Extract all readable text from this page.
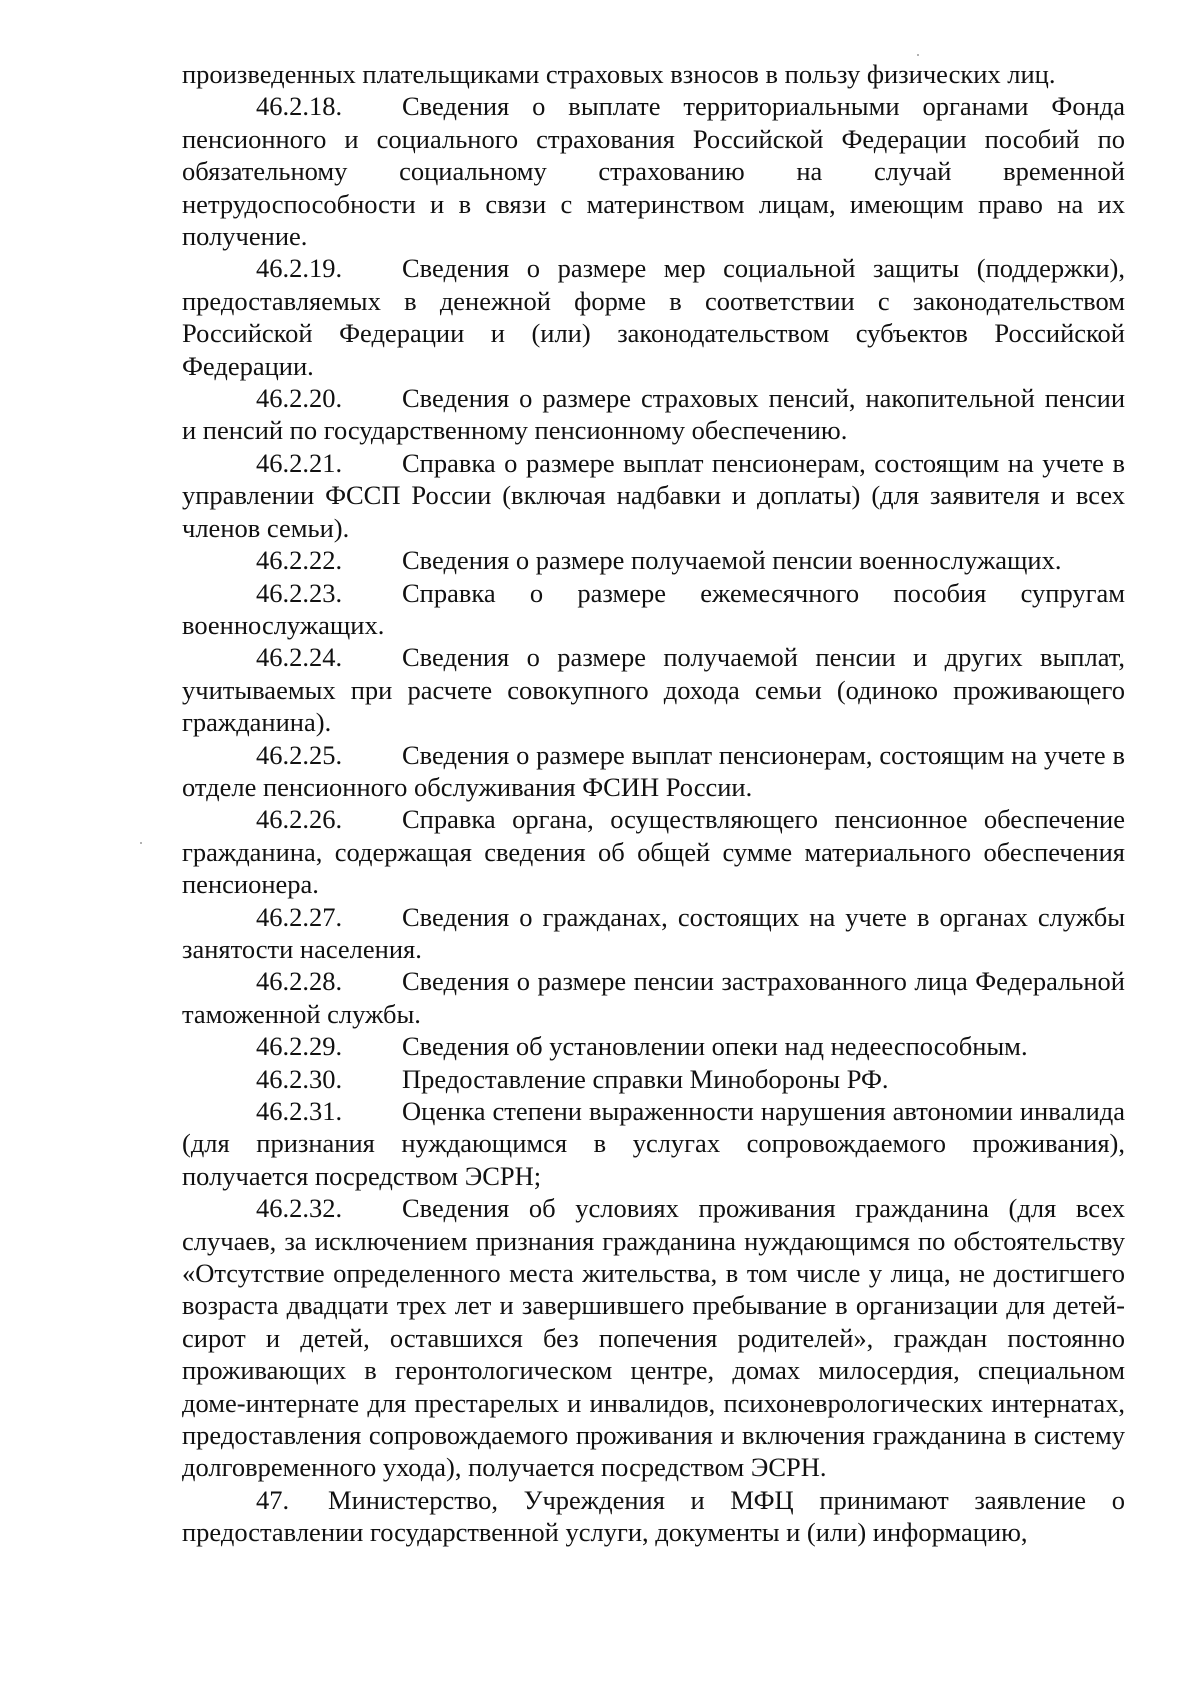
произведенных плательщиками страховых взносов в пользу физических лиц.

46.2.18. Сведения о выплате территориальными органами Фонда пенсионного и социального страхования Российской Федерации пособий по обязательному социальному страхованию на случай временной нетрудоспособности и в связи с материнством лицам, имеющим право на их получение.

46.2.19. Сведения о размере мер социальной защиты (поддержки), предоставляемых в денежной форме в соответствии с законодательством Российской Федерации и (или) законодательством субъектов Российской Федерации.

46.2.20. Сведения о размере страховых пенсий, накопительной пенсии и пенсий по государственному пенсионному обеспечению.

46.2.21. Справка о размере выплат пенсионерам, состоящим на учете в управлении ФССП России (включая надбавки и доплаты) (для заявителя и всех членов семьи).

46.2.22. Сведения о размере получаемой пенсии военнослужащих.

46.2.23. Справка о размере ежемесячного пособия супругам военнослужащих.

46.2.24. Сведения о размере получаемой пенсии и других выплат, учитываемых при расчете совокупного дохода семьи (одиноко проживающего гражданина).

46.2.25. Сведения о размере выплат пенсионерам, состоящим на учете в отделе пенсионного обслуживания ФСИН России.

46.2.26. Справка органа, осуществляющего пенсионное обеспечение гражданина, содержащая сведения об общей сумме материального обеспечения пенсионера.

46.2.27. Сведения о гражданах, состоящих на учете в органах службы занятости населения.

46.2.28. Сведения о размере пенсии застрахованного лица Федеральной таможенной службы.

46.2.29. Сведения об установлении опеки над недееспособным.

46.2.30. Предоставление справки Минобороны РФ.

46.2.31. Оценка степени выраженности нарушения автономии инвалида (для признания нуждающимся в услугах сопровождаемого проживания), получается посредством ЭСРН;

46.2.32. Сведения об условиях проживания гражданина (для всех случаев, за исключением признания гражданина нуждающимся по обстоятельству «Отсутствие определенного места жительства, в том числе у лица, не достигшего возраста двадцати трех лет и завершившего пребывание в организации для детей-сирот и детей, оставшихся без попечения родителей», граждан постоянно проживающих в геронтологическом центре, домах милосердия, специальном доме-интернате для престарелых и инвалидов, психоневрологических интернатах, предоставления сопровождаемого проживания и включения гражданина в систему долговременного ухода), получается посредством ЭСРН.

47. Министерство, Учреждения и МФЦ принимают заявление о предоставлении государственной услуги, документы и (или) информацию,
